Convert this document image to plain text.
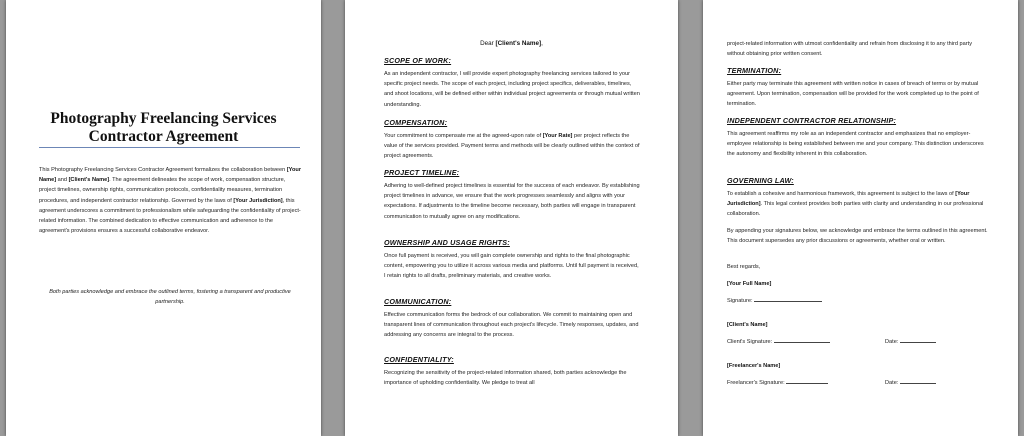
Photography Freelancing Services
Contractor Agreement
This Photography Freelancing Services Contractor Agreement formalizes the collaboration between [Your Name] and [Client's Name]. The agreement delineates the scope of work, compensation structure, project timelines, ownership rights, communication protocols, confidentiality measures, termination procedures, and independent contractor relationship. Governed by the laws of [Your Jurisdiction], this agreement underscores a commitment to professionalism while safeguarding the confidentiality of project-related information. The combined dedication to effective communication and adherence to the agreement's provisions ensures a successful collaborative endeavor.
Both parties acknowledge and embrace the outlined terms, fostering a transparent and productive partnership.
Dear [Client's Name],
SCOPE OF WORK:
As an independent contractor, I will provide expert photography freelancing services tailored to your specific project needs. The scope of each project, including project specifics, deliverables, timelines, and shoot locations, will be defined either within individual project agreements or through mutual written understanding.
COMPENSATION:
Your commitment to compensate me at the agreed-upon rate of [Your Rate] per project reflects the value of the services provided. Payment terms and methods will be clearly outlined within the context of project agreements.
PROJECT TIMELINE:
Adhering to well-defined project timelines is essential for the success of each endeavor. By establishing project timelines in advance, we ensure that the work progresses seamlessly and aligns with your expectations. If adjustments to the timeline become necessary, both parties will engage in transparent communication to mutually agree on any modifications.
OWNERSHIP AND USAGE RIGHTS:
Once full payment is received, you will gain complete ownership and rights to the final photographic content, empowering you to utilize it across various media and platforms. Until full payment is received, I retain rights to all drafts, preliminary materials, and creative works.
COMMUNICATION:
Effective communication forms the bedrock of our collaboration. We commit to maintaining open and transparent lines of communication throughout each project's lifecycle. Timely responses, updates, and addressing any concerns are integral to the process.
CONFIDENTIALITY:
Recognizing the sensitivity of the project-related information shared, both parties acknowledge the importance of upholding confidentiality. We pledge to treat all
project-related information with utmost confidentiality and refrain from disclosing it to any third party without obtaining prior written consent.
TERMINATION:
Either party may terminate this agreement with written notice in cases of breach of terms or by mutual agreement. Upon termination, compensation will be provided for the work completed up to the point of termination.
INDEPENDENT CONTRACTOR RELATIONSHIP:
This agreement reaffirms my role as an independent contractor and emphasizes that no employer-employee relationship is being established between me and your company. This distinction underscores the autonomy and flexibility inherent in this collaboration.
GOVERNING LAW:
To establish a cohesive and harmonious framework, this agreement is subject to the laws of [Your Jurisdiction]. This legal context provides both parties with clarity and understanding in our professional collaboration.
By appending your signatures below, we acknowledge and embrace the terms outlined in this agreement. This document supersedes any prior discussions or agreements, whether oral or written.
Best regards,
[Your Full Name]
Signature:
[Client's Name]
Client's Signature:	Date:
[Freelancer's Name]
Freelancer's Signature:	Date:
